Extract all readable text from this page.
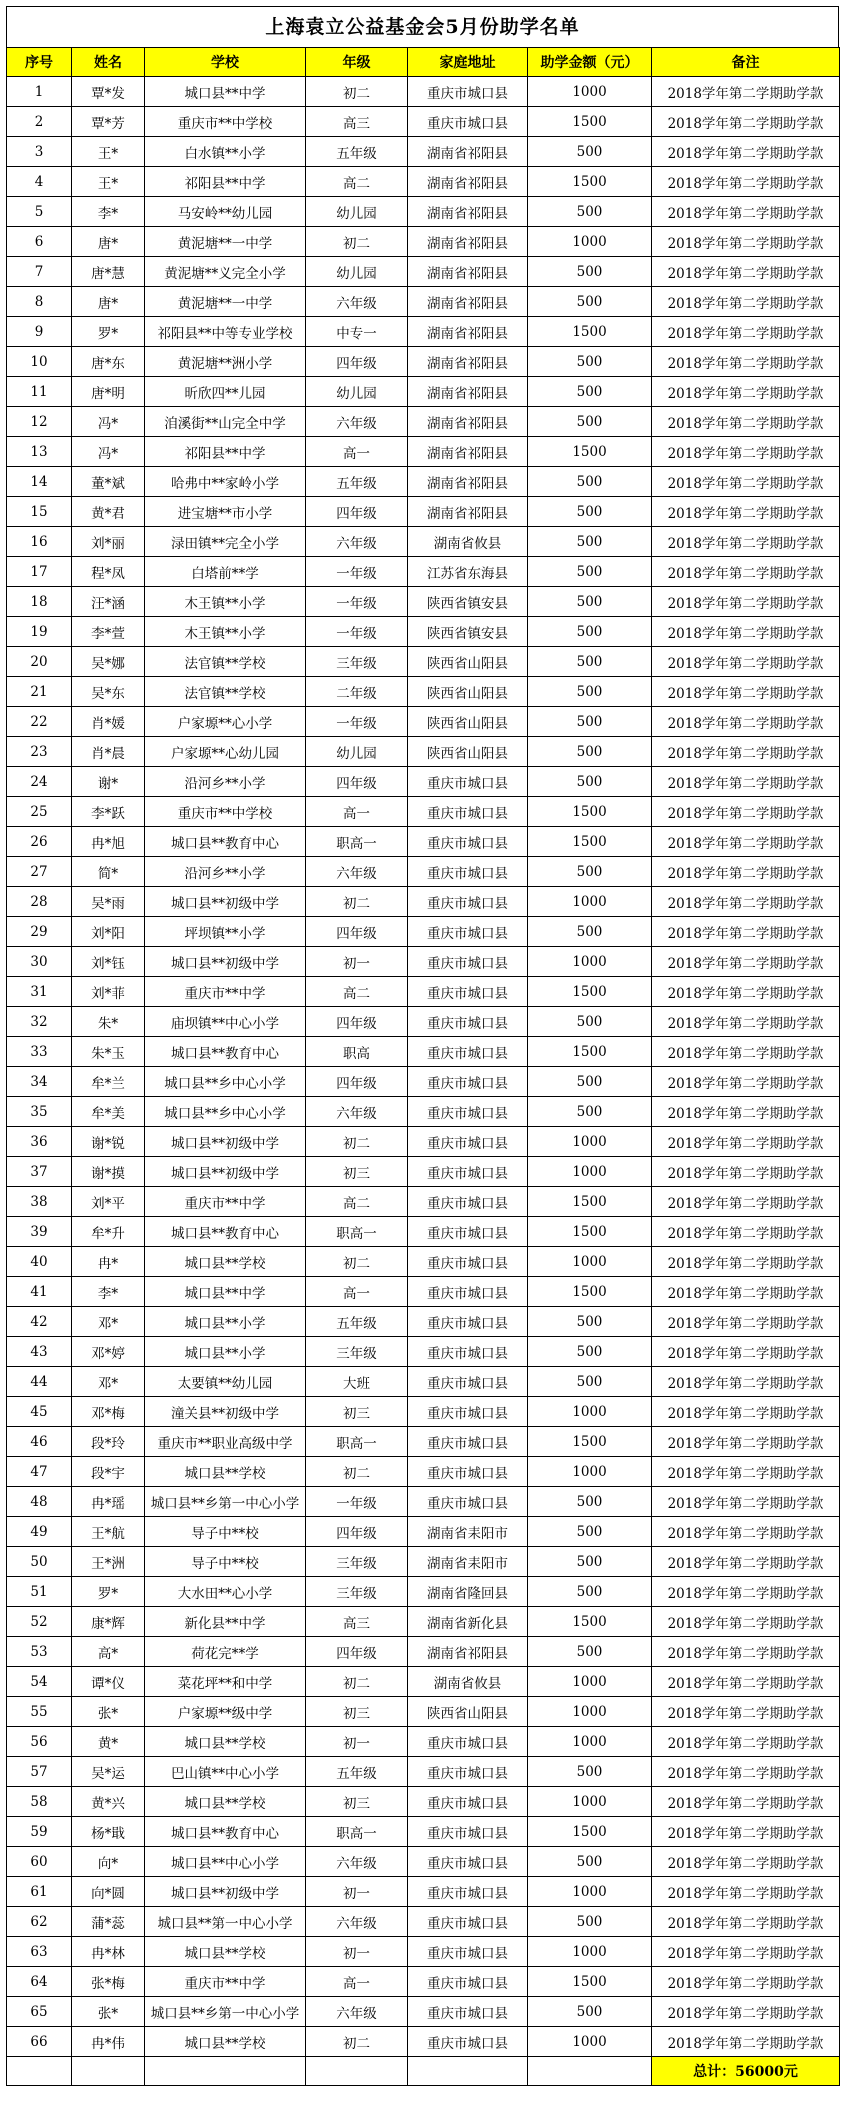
上海袁立公益基金会5月份助学名单
序号	姓名	学校	年级	家庭地址	助学金额（元）	备注
1	覃*发	城口县**中学	初二	重庆市城口县	1000	2018学年第二学期助学款
2	覃*芳	重庆市**中学校	高三	重庆市城口县	1500	2018学年第二学期助学款
3	王*	白水镇**小学	五年级	湖南省祁阳县	500	2018学年第二学期助学款
4	王*	祁阳县**中学	高二	湖南省祁阳县	1500	2018学年第二学期助学款
5	李*	马安岭**幼儿园	幼儿园	湖南省祁阳县	500	2018学年第二学期助学款
6	唐*	黄泥塘**一中学	初二	湖南省祁阳县	1000	2018学年第二学期助学款
7	唐*慧	黄泥塘**义完全小学	幼儿园	湖南省祁阳县	500	2018学年第二学期助学款
8	唐*	黄泥塘**一中学	六年级	湖南省祁阳县	500	2018学年第二学期助学款
9	罗*	祁阳县**中等专业学校	中专一	湖南省祁阳县	1500	2018学年第二学期助学款
10	唐*东	黄泥塘**洲小学	四年级	湖南省祁阳县	500	2018学年第二学期助学款
11	唐*明	昕欣四**儿园	幼儿园	湖南省祁阳县	500	2018学年第二学期助学款
12	冯*	洎溪街**山完全中学	六年级	湖南省祁阳县	500	2018学年第二学期助学款
13	冯*	祁阳县**中学	高一	湖南省祁阳县	1500	2018学年第二学期助学款
14	董*斌	哈弗中**家岭小学	五年级	湖南省祁阳县	500	2018学年第二学期助学款
15	黄*君	进宝塘**市小学	四年级	湖南省祁阳县	500	2018学年第二学期助学款
16	刘*丽	渌田镇**完全小学	六年级	湖南省攸县	500	2018学年第二学期助学款
17	程*凤	白塔前**学	一年级	江苏省东海县	500	2018学年第二学期助学款
18	汪*涵	木王镇**小学	一年级	陕西省镇安县	500	2018学年第二学期助学款
19	李*萱	木王镇**小学	一年级	陕西省镇安县	500	2018学年第二学期助学款
20	吴*娜	法官镇**学校	三年级	陕西省山阳县	500	2018学年第二学期助学款
21	吴*东	法官镇**学校	二年级	陕西省山阳县	500	2018学年第二学期助学款
22	肖*媛	户家塬**心小学	一年级	陕西省山阳县	500	2018学年第二学期助学款
23	肖*晨	户家塬**心幼儿园	幼儿园	陕西省山阳县	500	2018学年第二学期助学款
24	谢*	沿河乡**小学	四年级	重庆市城口县	500	2018学年第二学期助学款
25	李*跃	重庆市**中学校	高一	重庆市城口县	1500	2018学年第二学期助学款
26	冉*旭	城口县**教育中心	职高一	重庆市城口县	1500	2018学年第二学期助学款
27	简*	沿河乡**小学	六年级	重庆市城口县	500	2018学年第二学期助学款
28	吴*雨	城口县**初级中学	初二	重庆市城口县	1000	2018学年第二学期助学款
29	刘*阳	坪坝镇**小学	四年级	重庆市城口县	500	2018学年第二学期助学款
30	刘*钰	城口县**初级中学	初一	重庆市城口县	1000	2018学年第二学期助学款
31	刘*菲	重庆市**中学	高二	重庆市城口县	1500	2018学年第二学期助学款
32	朱*	庙坝镇**中心小学	四年级	重庆市城口县	500	2018学年第二学期助学款
33	朱*玉	城口县**教育中心	职高	重庆市城口县	1500	2018学年第二学期助学款
34	牟*兰	城口县**乡中心小学	四年级	重庆市城口县	500	2018学年第二学期助学款
35	牟*美	城口县**乡中心小学	六年级	重庆市城口县	500	2018学年第二学期助学款
36	谢*锐	城口县**初级中学	初二	重庆市城口县	1000	2018学年第二学期助学款
37	谢*摸	城口县**初级中学	初三	重庆市城口县	1000	2018学年第二学期助学款
38	刘*平	重庆市**中学	高二	重庆市城口县	1500	2018学年第二学期助学款
39	牟*升	城口县**教育中心	职高一	重庆市城口县	1500	2018学年第二学期助学款
40	冉*	城口县**学校	初二	重庆市城口县	1000	2018学年第二学期助学款
41	李*	城口县**中学	高一	重庆市城口县	1500	2018学年第二学期助学款
42	邓*	城口县**小学	五年级	重庆市城口县	500	2018学年第二学期助学款
43	邓*婷	城口县**小学	三年级	重庆市城口县	500	2018学年第二学期助学款
44	邓*	太要镇**幼儿园	大班	重庆市城口县	500	2018学年第二学期助学款
45	邓*梅	潼关县**初级中学	初三	重庆市城口县	1000	2018学年第二学期助学款
46	段*玲	重庆市**职业高级中学	职高一	重庆市城口县	1500	2018学年第二学期助学款
47	段*宇	城口县**学校	初二	重庆市城口县	1000	2018学年第二学期助学款
48	冉*瑶	城口县**乡第一中心小学	一年级	重庆市城口县	500	2018学年第二学期助学款
49	王*航	导子中**校	四年级	湖南省耒阳市	500	2018学年第二学期助学款
50	王*洲	导子中**校	三年级	湖南省耒阳市	500	2018学年第二学期助学款
51	罗*	大水田**心小学	三年级	湖南省隆回县	500	2018学年第二学期助学款
52	康*辉	新化县**中学	高三	湖南省新化县	1500	2018学年第二学期助学款
53	高*	荷花完**学	四年级	湖南省祁阳县	500	2018学年第二学期助学款
54	谭*仪	菜花坪**和中学	初二	湖南省攸县	1000	2018学年第二学期助学款
55	张*	户家塬**级中学	初三	陕西省山阳县	1000	2018学年第二学期助学款
56	黄*	城口县**学校	初一	重庆市城口县	1000	2018学年第二学期助学款
57	吴*运	巴山镇**中心小学	五年级	重庆市城口县	500	2018学年第二学期助学款
58	黄*兴	城口县**学校	初三	重庆市城口县	1000	2018学年第二学期助学款
59	杨*戢	城口县**教育中心	职高一	重庆市城口县	1500	2018学年第二学期助学款
60	向*	城口县**中心小学	六年级	重庆市城口县	500	2018学年第二学期助学款
61	向*圆	城口县**初级中学	初一	重庆市城口县	1000	2018学年第二学期助学款
62	蒲*蕊	城口县**第一中心小学	六年级	重庆市城口县	500	2018学年第二学期助学款
63	冉*林	城口县**学校	初一	重庆市城口县	1000	2018学年第二学期助学款
64	张*梅	重庆市**中学	高一	重庆市城口县	1500	2018学年第二学期助学款
65	张*	城口县**乡第一中心小学	六年级	重庆市城口县	500	2018学年第二学期助学款
66	冉*伟	城口县**学校	初二	重庆市城口县	1000	2018学年第二学期助学款
						总计：56000元
